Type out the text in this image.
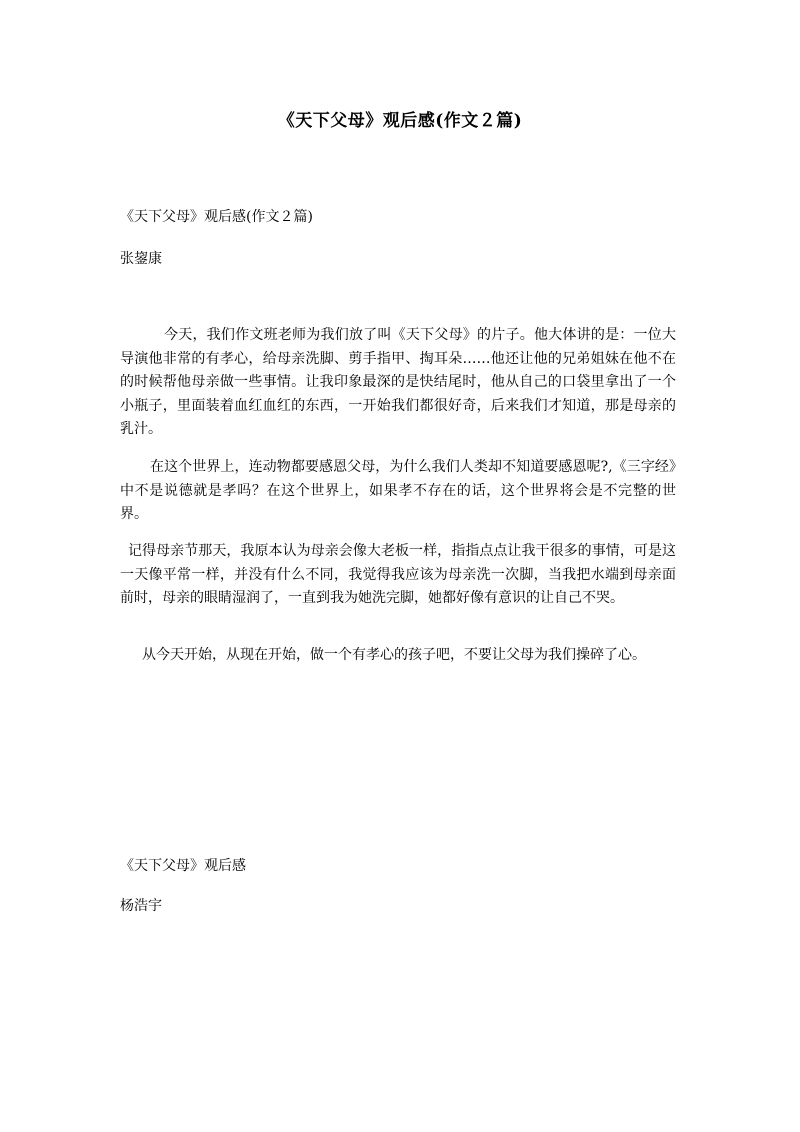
《天下父母》观后感(作文２篇)

《天下父母》观后感(作文２篇)

张鋆康

今天，我们作文班老师为我们放了叫《天下父母》的片子。他大体讲的是：一位大导演他非常的有孝心，给母亲洗脚、剪手指甲、掏耳朵……他还让他的兄弟姐妹在他不在的时候帮他母亲做一些事情。让我印象最深的是快结尾时，他从自己的口袋里拿出了一个小瓶子，里面装着血红血红的东西，一开始我们都很好奇，后来我们才知道，那是母亲的乳汁。

在这个世界上，连动物都要感恩父母，为什么我们人类却不知道要感恩呢?,《三字经》中不是说德就是孝吗？在这个世界上，如果孝不存在的话，这个世界将会是不完整的世界。

记得母亲节那天，我原本认为母亲会像大老板一样，指指点点让我干很多的事情，可是这一天像平常一样，并没有什么不同，我觉得我应该为母亲洗一次脚，当我把水端到母亲面前时，母亲的眼睛湿润了，一直到我为她洗完脚，她都好像有意识的让自己不哭。

从今天开始，从现在开始，做一个有孝心的孩子吧，不要让父母为我们操碎了心。

《天下父母》观后感

杨浩宇
